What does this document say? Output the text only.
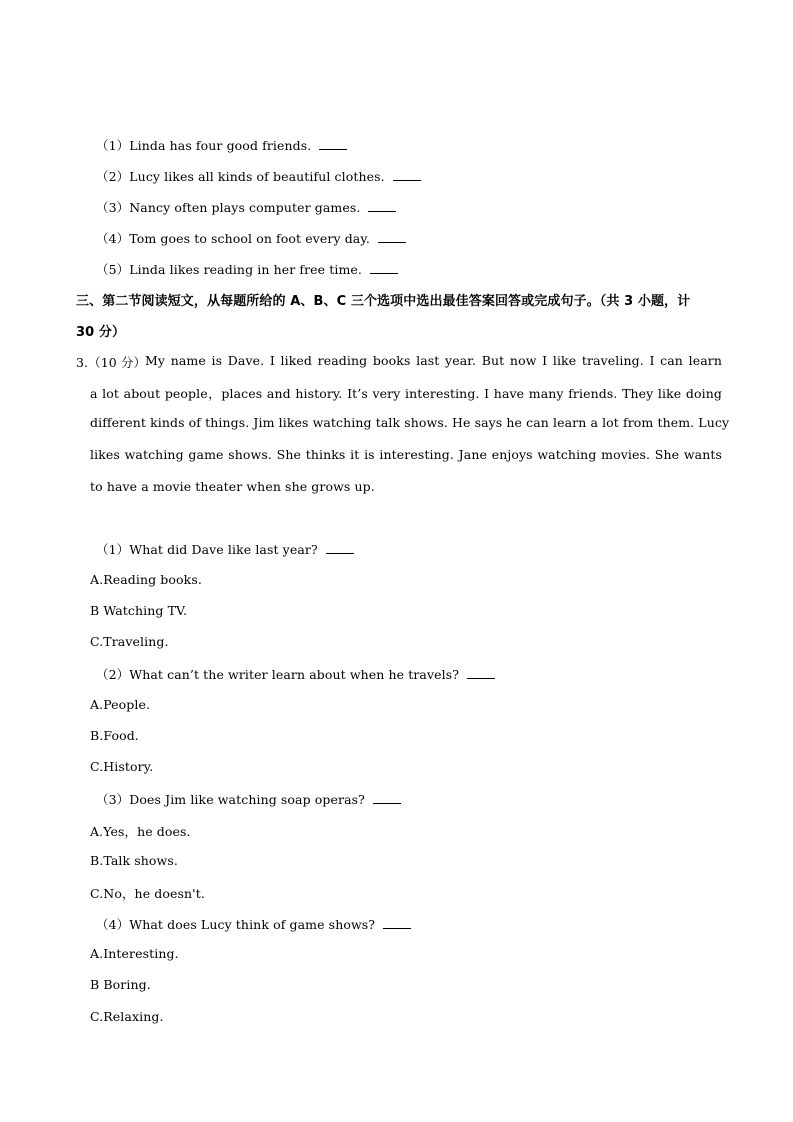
（1）Linda has four good friends.
（2）Lucy likes all kinds of beautiful clothes.
（3）Nancy often plays computer games.
（4）Tom goes to school on foot every day.
（5）Linda likes reading in her free time.
三、第二节阅读短文，从每题所给的 A、B、C 三个选项中选出最佳答案回答或完成句子。（共 3 小题，计
30 分）
3.（10 分）
My name is Dave. I liked reading books last year. But now I like traveling. I can learn
a lot about people，places and history. It’s very interesting. I have many friends. They like doing
different kinds of things. Jim likes watching talk shows. He says he can learn a lot from them. Lucy
likes watching game shows. She thinks it is interesting. Jane enjoys watching movies. She wants
to have a movie theater when she grows up.
（1）What did Dave like last year?
A.Reading books.
B Watching TV.
C.Traveling.
（2）What can’t the writer learn about when he travels?
A.People.
B.Food.
C.History.
（3）Does Jim like watching soap operas?
A.Yes，he does.
B.Talk shows.
C.No，he doesn't.
（4）What does Lucy think of game shows?
A.Interesting.
B Boring.
C.Relaxing.
